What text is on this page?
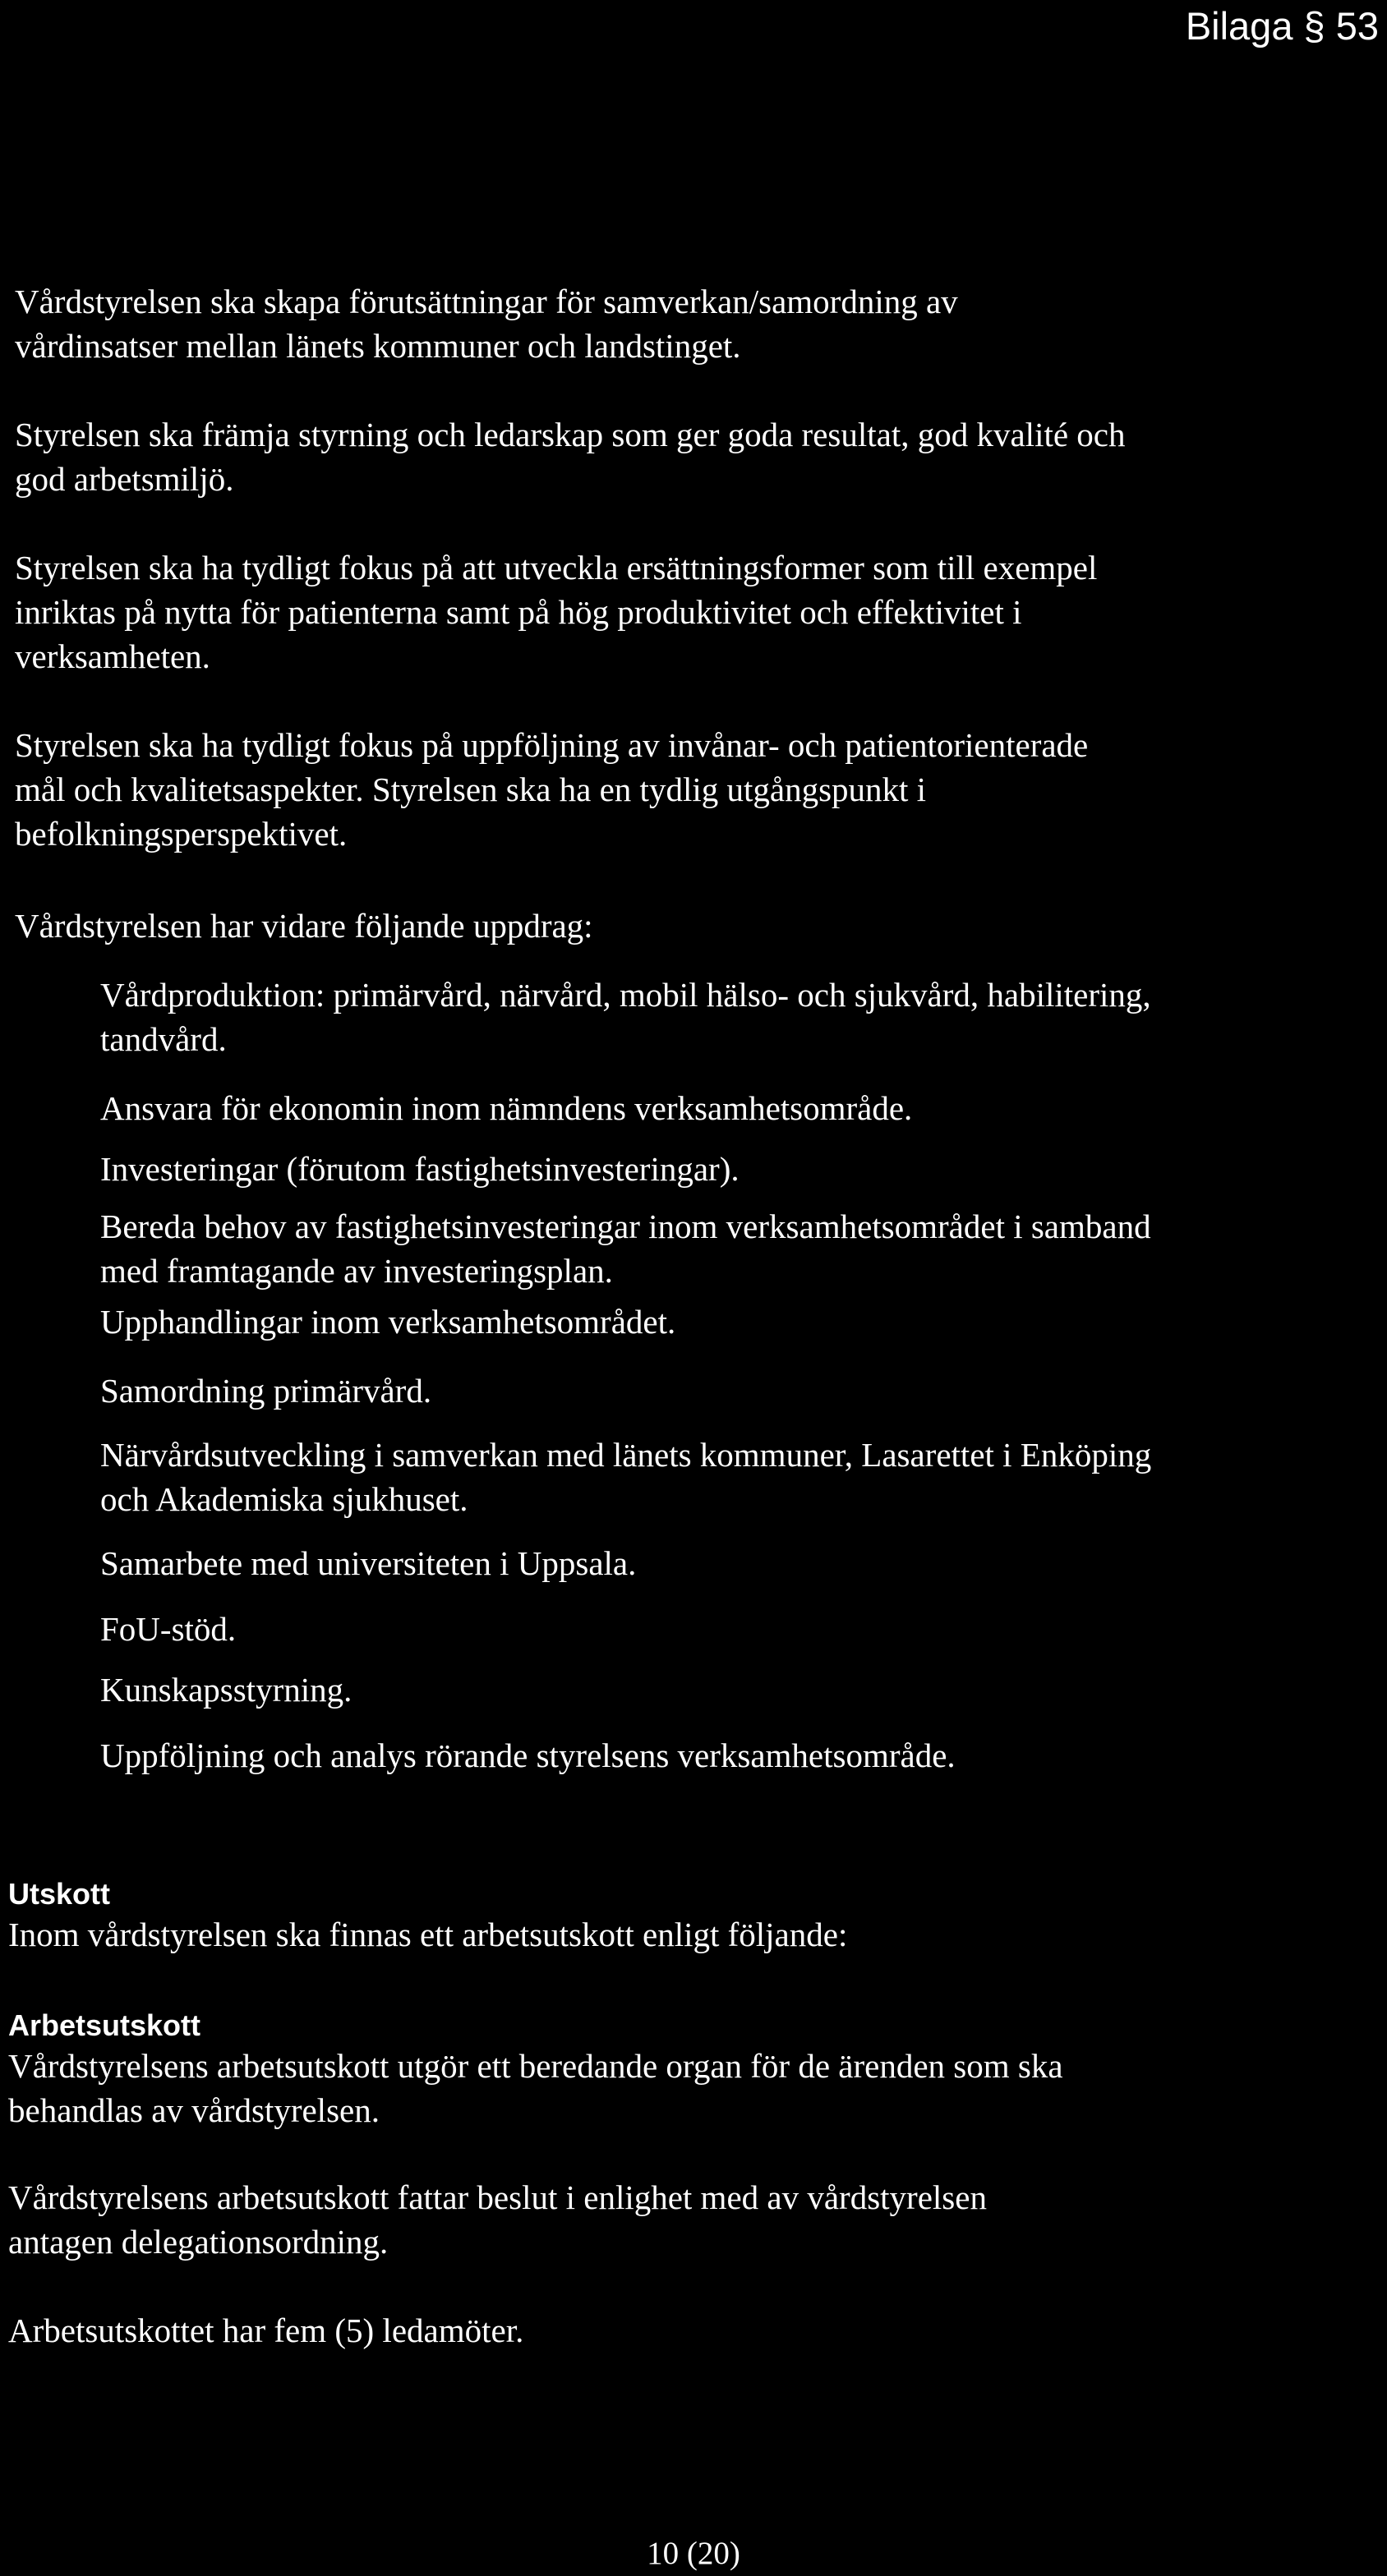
Bilaga § 53

Vårdstyrelsen ska skapa förutsättningar för samverkan/samordning av
vårdinsatser mellan länets kommuner och landstinget.

Styrelsen ska främja styrning och ledarskap som ger goda resultat, god kvalité och
god arbetsmiljö.

Styrelsen ska ha tydligt fokus på att utveckla ersättningsformer som till exempel
inriktas på nytta för patienterna samt på hög produktivitet och effektivitet i
verksamheten.

Styrelsen ska ha tydligt fokus på uppföljning av invånar- och patientorienterade
mål och kvalitetsaspekter. Styrelsen ska ha en tydlig utgångspunkt i
befolkningsperspektivet.

Vårdstyrelsen har vidare följande uppdrag:

Vårdproduktion: primärvård, närvård, mobil hälso- och sjukvård, habilitering,
tandvård.

Ansvara för ekonomin inom nämndens verksamhetsområde.

Investeringar (förutom fastighetsinvesteringar).

Bereda behov av fastighetsinvesteringar inom verksamhetsområdet i samband
med framtagande av investeringsplan.

Upphandlingar inom verksamhetsområdet.

Samordning primärvård.

Närvårdsutveckling i samverkan med länets kommuner, Lasarettet i Enköping
och Akademiska sjukhuset.

Samarbete med universiteten i Uppsala.

FoU-stöd.

Kunskapsstyrning.

Uppföljning och analys rörande styrelsens verksamhetsområde.

Utskott

Inom vårdstyrelsen ska finnas ett arbetsutskott enligt följande:

Arbetsutskott

Vårdstyrelsens arbetsutskott utgör ett beredande organ för de ärenden som ska
behandlas av vårdstyrelsen.

Vårdstyrelsens arbetsutskott fattar beslut i enlighet med av vårdstyrelsen
antagen delegationsordning.

Arbetsutskottet har fem (5) ledamöter.

10 (20)
